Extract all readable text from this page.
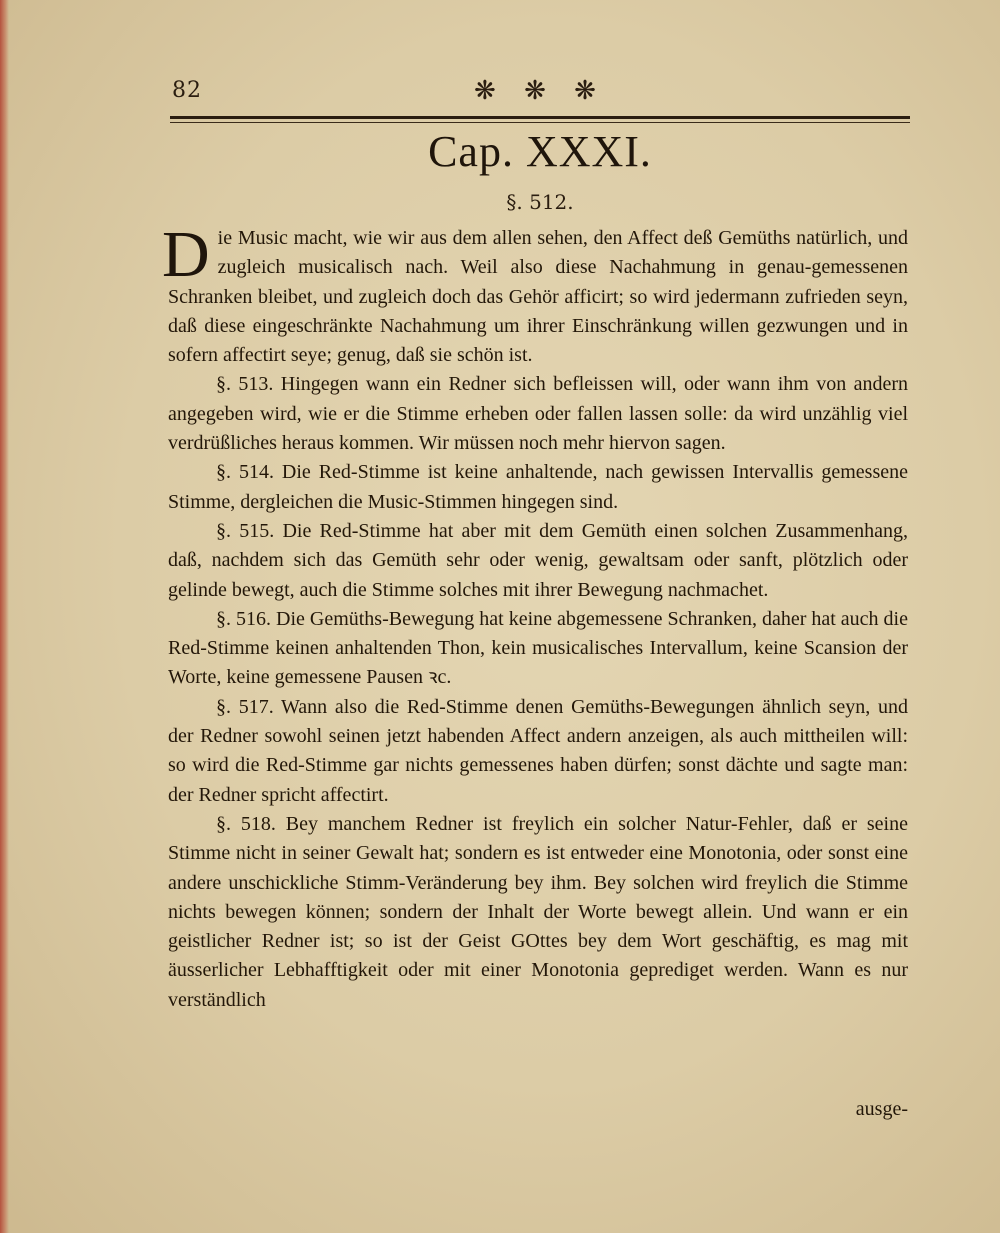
82	❋ ❋ ❋
Cap. XXXI.
§. 512.

Die Music macht, wie wir aus dem allen sehen, den Affect deß Gemüths natürlich, und zugleich musicalisch nach. Weil also diese Nachahmung in genau-gemessenen Schranken bleibet, und zugleich doch das Gehör afficirt; so wird jedermann zufrieden seyn, daß diese eingeschränkte Nachahmung um ihrer Einschränkung willen gezwungen und in sofern affectirt seye; genug, daß sie schön ist.

§. 513. Hingegen wann ein Redner sich befleissen will, oder wann ihm von andern angegeben wird, wie er die Stimme erheben oder fallen lassen solle: da wird unzählig viel verdrüßliches heraus kommen. Wir müssen noch mehr hiervon sagen.

§. 514. Die Red-Stimme ist keine anhaltende, nach gewissen Intervallis gemessene Stimme, dergleichen die Music-Stimmen hingegen sind.

§. 515. Die Red-Stimme hat aber mit dem Gemüth einen solchen Zusammenhang, daß, nachdem sich das Gemüth sehr oder wenig, gewaltsam oder sanft, plötzlich oder gelinde bewegt, auch die Stimme solches mit ihrer Bewegung nachmachet.

§. 516. Die Gemüths-Bewegung hat keine abgemessene Schranken, daher hat auch die Red-Stimme keinen anhaltenden Thon, kein musicalisches Intervallum, keine Scansion der Worte, keine gemessene Pausen ꝛc.

§. 517. Wann also die Red-Stimme denen Gemüths-Bewegungen ähnlich seyn, und der Redner sowohl seinen jetzt habenden Affect andern anzeigen, als auch mittheilen will: so wird die Red-Stimme gar nichts gemessenes haben dürfen; sonst dächte und sagte man: der Redner spricht affectirt.

§. 518. Bey manchem Redner ist freylich ein solcher Natur-Fehler, daß er seine Stimme nicht in seiner Gewalt hat; sondern es ist entweder eine Monotonia, oder sonst eine andere unschickliche Stimm-Veränderung bey ihm. Bey solchen wird freylich die Stimme nichts bewegen können; sondern der Inhalt der Worte bewegt allein. Und wann er ein geistlicher Redner ist; so ist der Geist GOttes bey dem Wort geschäftig, es mag mit äusserlicher Lebhafftigkeit oder mit einer Monotonia geprediget werden. Wann es nur verständlich

ausge-
